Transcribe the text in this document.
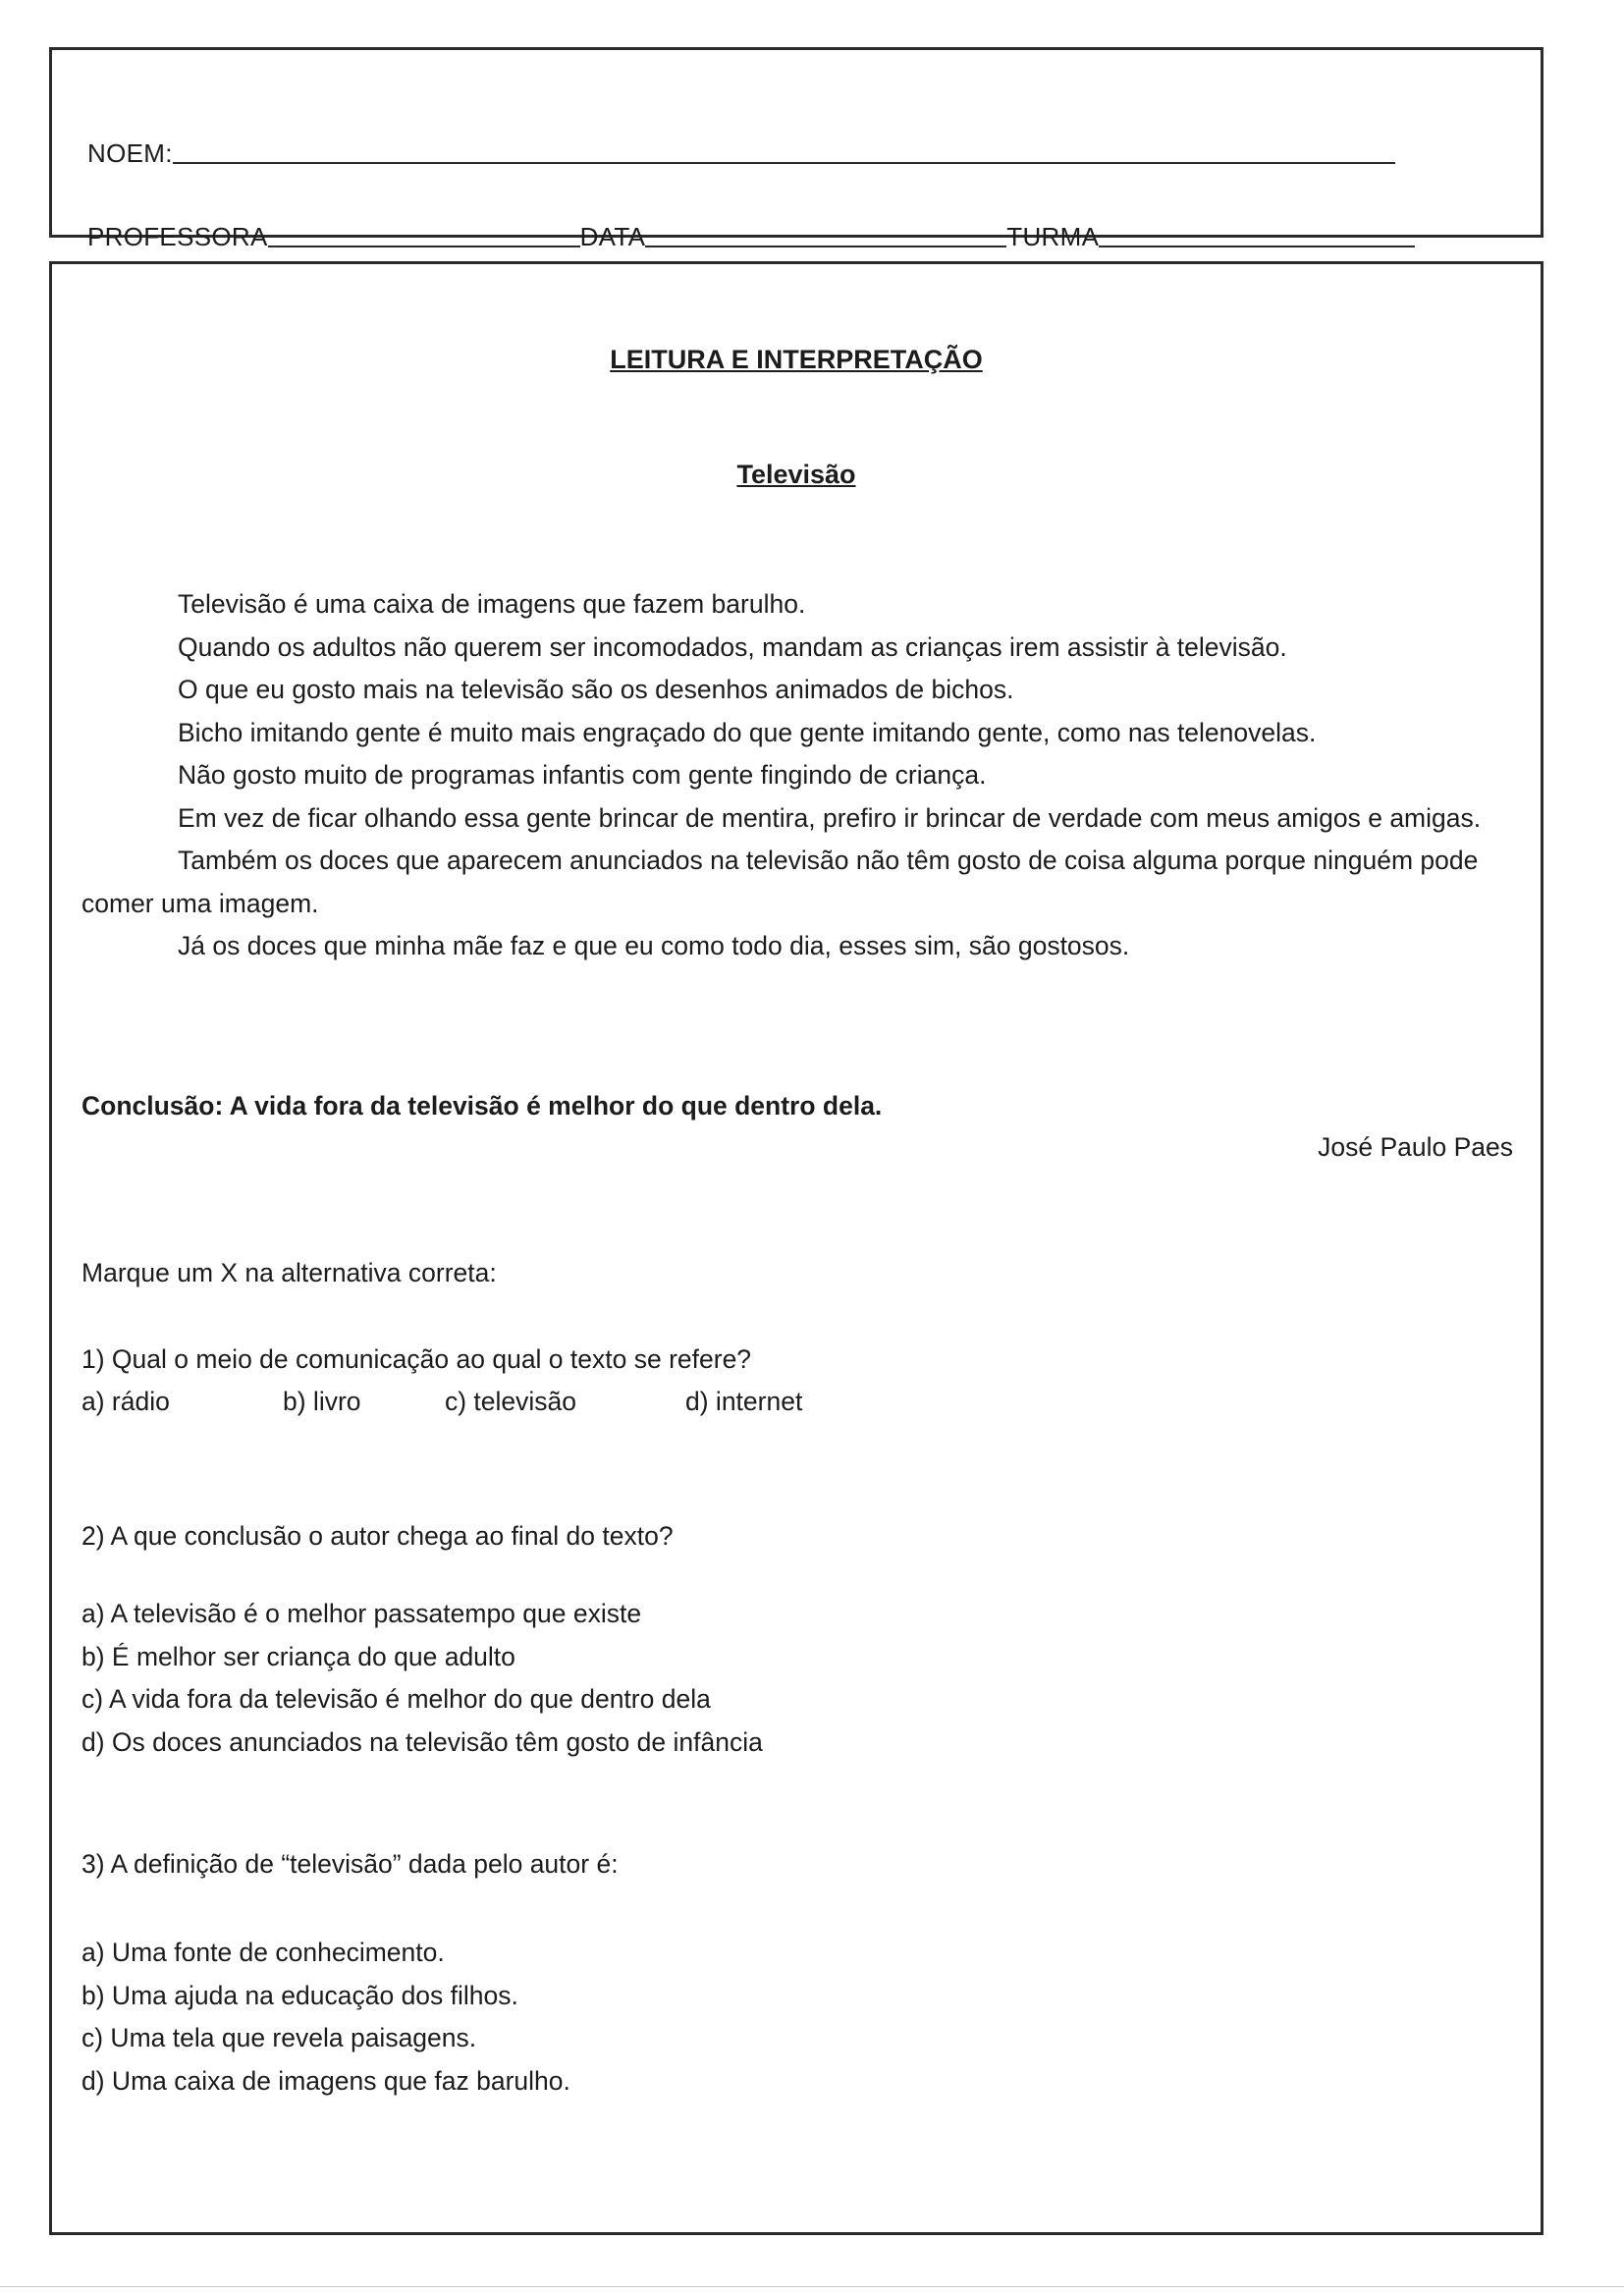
NOEM:
PROFESSORA	DATA	TURMA
LEITURA E INTERPRETAÇÃO
Televisão

Televisão é uma caixa de imagens que fazem barulho.

Quando os adultos não querem ser incomodados, mandam as crianças irem assistir à televisão.

O que eu gosto mais na televisão são os desenhos animados de bichos.

Bicho imitando gente é muito mais engraçado do que gente imitando gente, como nas telenovelas.

Não gosto muito de programas infantis com gente fingindo de criança.

Em vez de ficar olhando essa gente brincar de mentira, prefiro ir brincar de verdade com meus amigos e amigas.

Também os doces que aparecem anunciados na televisão não têm gosto de coisa alguma porque ninguém pode comer uma imagem.

Já os doces que minha mãe faz e que eu como todo dia, esses sim, são gostosos.

Conclusão: A vida fora da televisão é melhor do que dentro dela.

José Paulo Paes

Marque um X na alternativa correta:

1) Qual o meio de comunicação ao qual o texto se refere?

a) rádio	b) livro	c) televisão	d) internet

2) A que conclusão o autor chega ao final do texto?

a) A televisão é o melhor passatempo que existe
b) É melhor ser criança do que adulto
c) A vida fora da televisão é melhor do que dentro dela
d) Os doces anunciados na televisão têm gosto de infância

3) A definição de “televisão” dada pelo autor é:

a) Uma fonte de conhecimento.
b) Uma ajuda na educação dos filhos.
c) Uma tela que revela paisagens.
d) Uma caixa de imagens que faz barulho.
